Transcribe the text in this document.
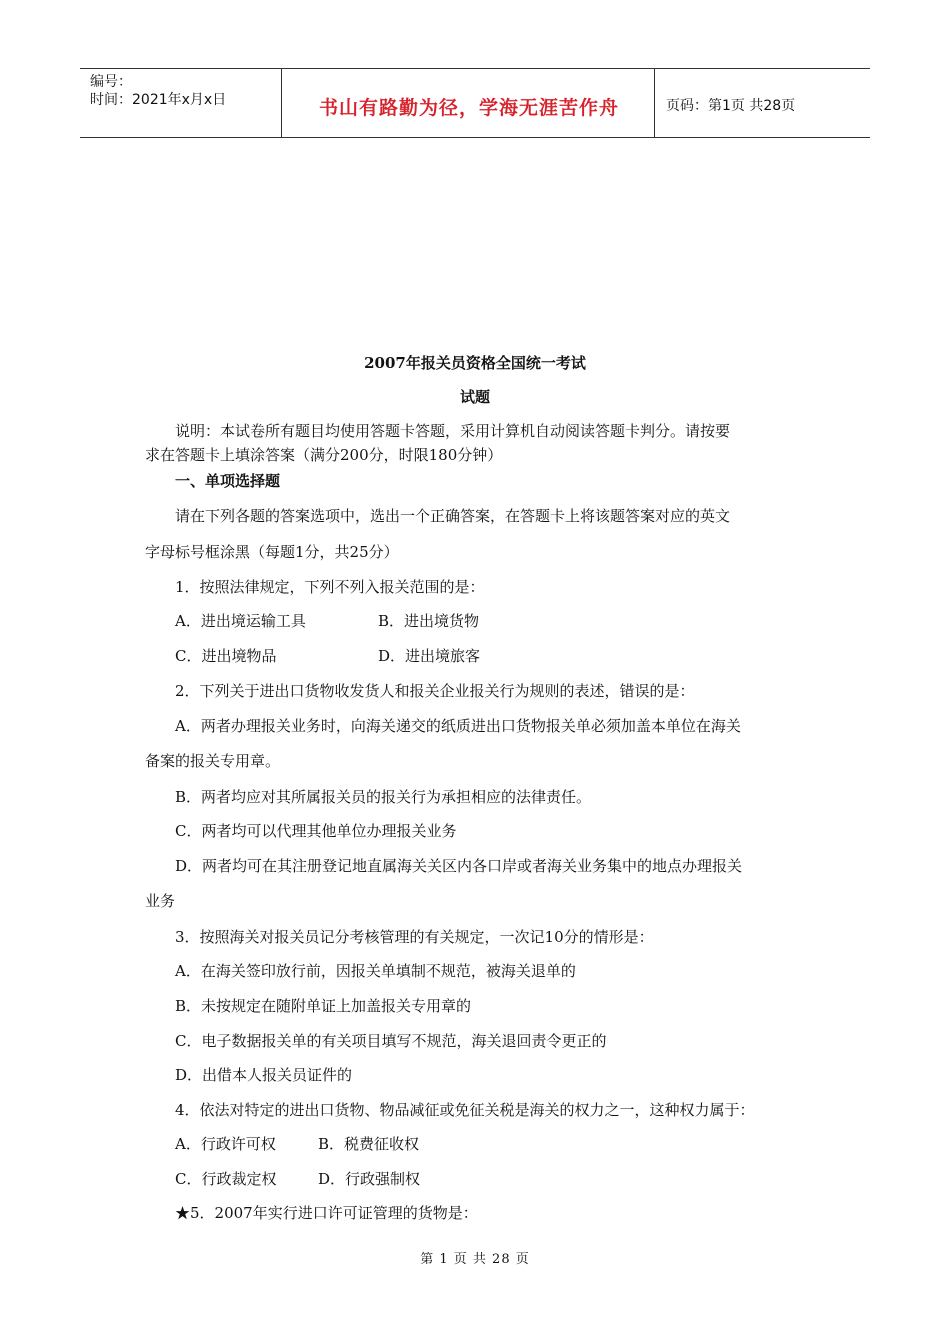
编号：
时间：2021年x月x日	书山有路勤为径，学海无涯苦作舟	页码：第1页 共28页
2007年报关员资格全国统一考试
试题
说明：本试卷所有题目均使用答题卡答题，采用计算机自动阅读答题卡判分。请按要
求在答题卡上填涂答案（满分200分，时限180分钟）
一、单项选择题
请在下列各题的答案选项中，选出一个正确答案，在答题卡上将该题答案对应的英文
字母标号框涂黑（每题1分，共25分）
1．按照法律规定，下列不列入报关范围的是：
A．进出境运输工具	B．进出境货物
C．进出境物品	D．进出境旅客
2．下列关于进出口货物收发货人和报关企业报关行为规则的表述，错误的是：
A．两者办理报关业务时，向海关递交的纸质进出口货物报关单必须加盖本单位在海关
备案的报关专用章。
B．两者均应对其所属报关员的报关行为承担相应的法律责任。
C．两者均可以代理其他单位办理报关业务
D．两者均可在其注册登记地直属海关关区内各口岸或者海关业务集中的地点办理报关
业务
3．按照海关对报关员记分考核管理的有关规定，一次记10分的情形是：
A．在海关签印放行前，因报关单填制不规范，被海关退单的
B．未按规定在随附单证上加盖报关专用章的
C．电子数据报关单的有关项目填写不规范，海关退回责令更正的
D．出借本人报关员证件的
4．依法对特定的进出口货物、物品减征或免征关税是海关的权力之一，这种权力属于：
A．行政许可权	B．税费征收权
C．行政裁定权	D．行政强制权
★5．2007年实行进口许可证管理的货物是：
第 1 页 共 28 页
